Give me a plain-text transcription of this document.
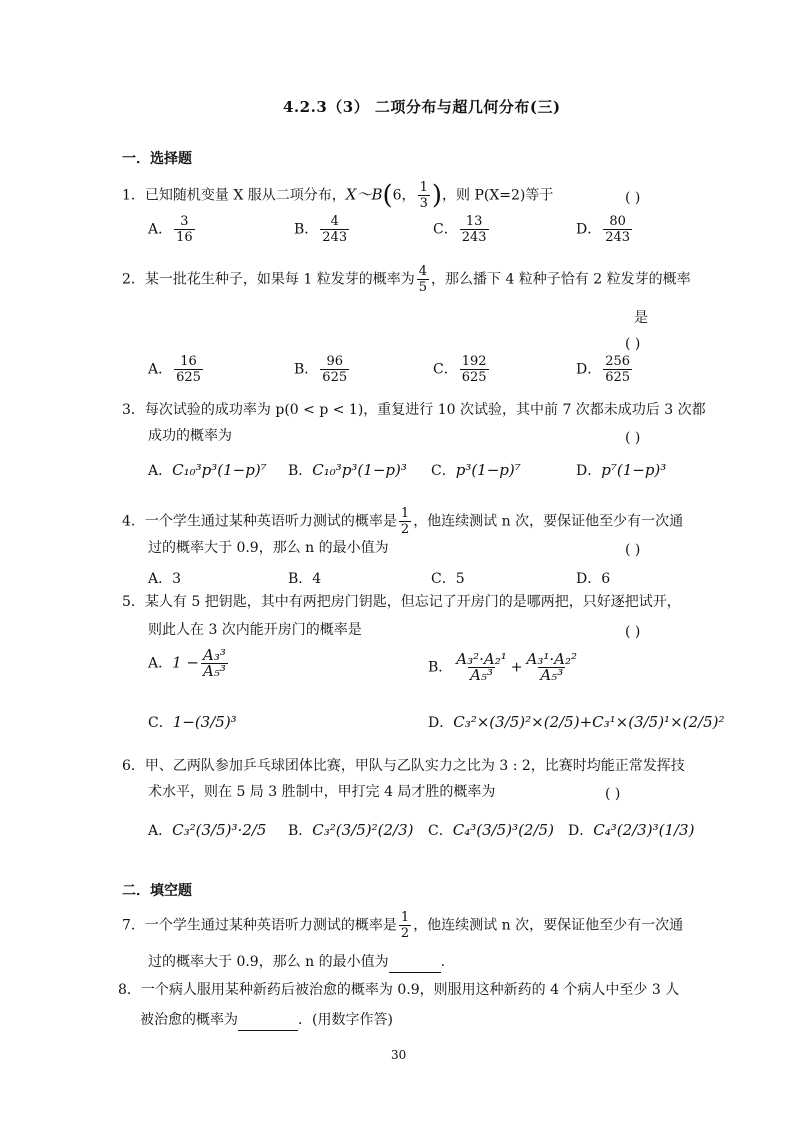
4.2.3（3） 二项分布与超几何分布(三)
一．选择题
1．已知随机变量 X 服从二项分布，X～B(6， $\frac{1}{3}$ )，则 P(X=2)等于	( )
A． $\frac{3}{16}$	B． $\frac{4}{243}$	C． $\frac{13}{243}$	D． $\frac{80}{243}$
2．某一批花生种子，如果每 1 粒发芽的概率为 $\frac{4}{5}$ ，那么播下 4 粒种子恰有 2 粒发芽的概率
是
( )
A． $\frac{16}{625}$	B． $\frac{96}{625}$	C． $\frac{192}{625}$	D． $\frac{256}{625}$
3．每次试验的成功率为 p(0 < p < 1)，重复进行 10 次试验，其中前 7 次都未成功后 3 次都
成功的概率为	( )
A．C₁₀³p³(1−p)⁷ B．C₁₀³p³(1−p)³ C．p³(1−p)⁷	D．p⁷(1−p)³
4．一个学生通过某种英语听力测试的概率是 $\frac{1}{2}$ ，他连续测试 n 次，要保证他至少有一次通
过的概率大于 0.9，那么 n 的最小值为	( )
A．3	B．4	C．5	D．6
5．某人有 5 把钥匙，其中有两把房门钥匙，但忘记了开房门的是哪两把，只好逐把试开，
则此人在 3 次内能开房门的概率是	( )
A．$1 - \frac{\text{A₃³}}{\text{A₅³}}$	B． $\frac{\text{A₃²·A₂¹}}{\text{A₅³}} + \frac{\text{A₃¹·A₂²}}{\text{A₅³}}$
C．1−(3/5)³	D．C₃²×(3/5)²×(2/5)+C₃¹×(3/5)¹×(2/5)²
6．甲、乙两队参加乒乓球团体比赛，甲队与乙队实力之比为 3 : 2，比赛时均能正常发挥技
术水平，则在 5 局 3 胜制中，甲打完 4 局才胜的概率为	( )
A．C₃²(3/5)³·2/5 B．C₃²(3/5)²(2/3) C．C₄³(3/5)³(2/5) D．C₄³(2/3)³(1/3)
二．填空题
7．一个学生通过某种英语听力测试的概率是 $\frac{1}{2}$ ，他连续测试 n 次，要保证他至少有一次通
过的概率大于 0.9，那么 n 的最小值为	.
8．一个病人服用某种新药后被治愈的概率为 0.9，则服用这种新药的 4 个病人中至少 3 人
被治愈的概率为	．(用数字作答)
30
